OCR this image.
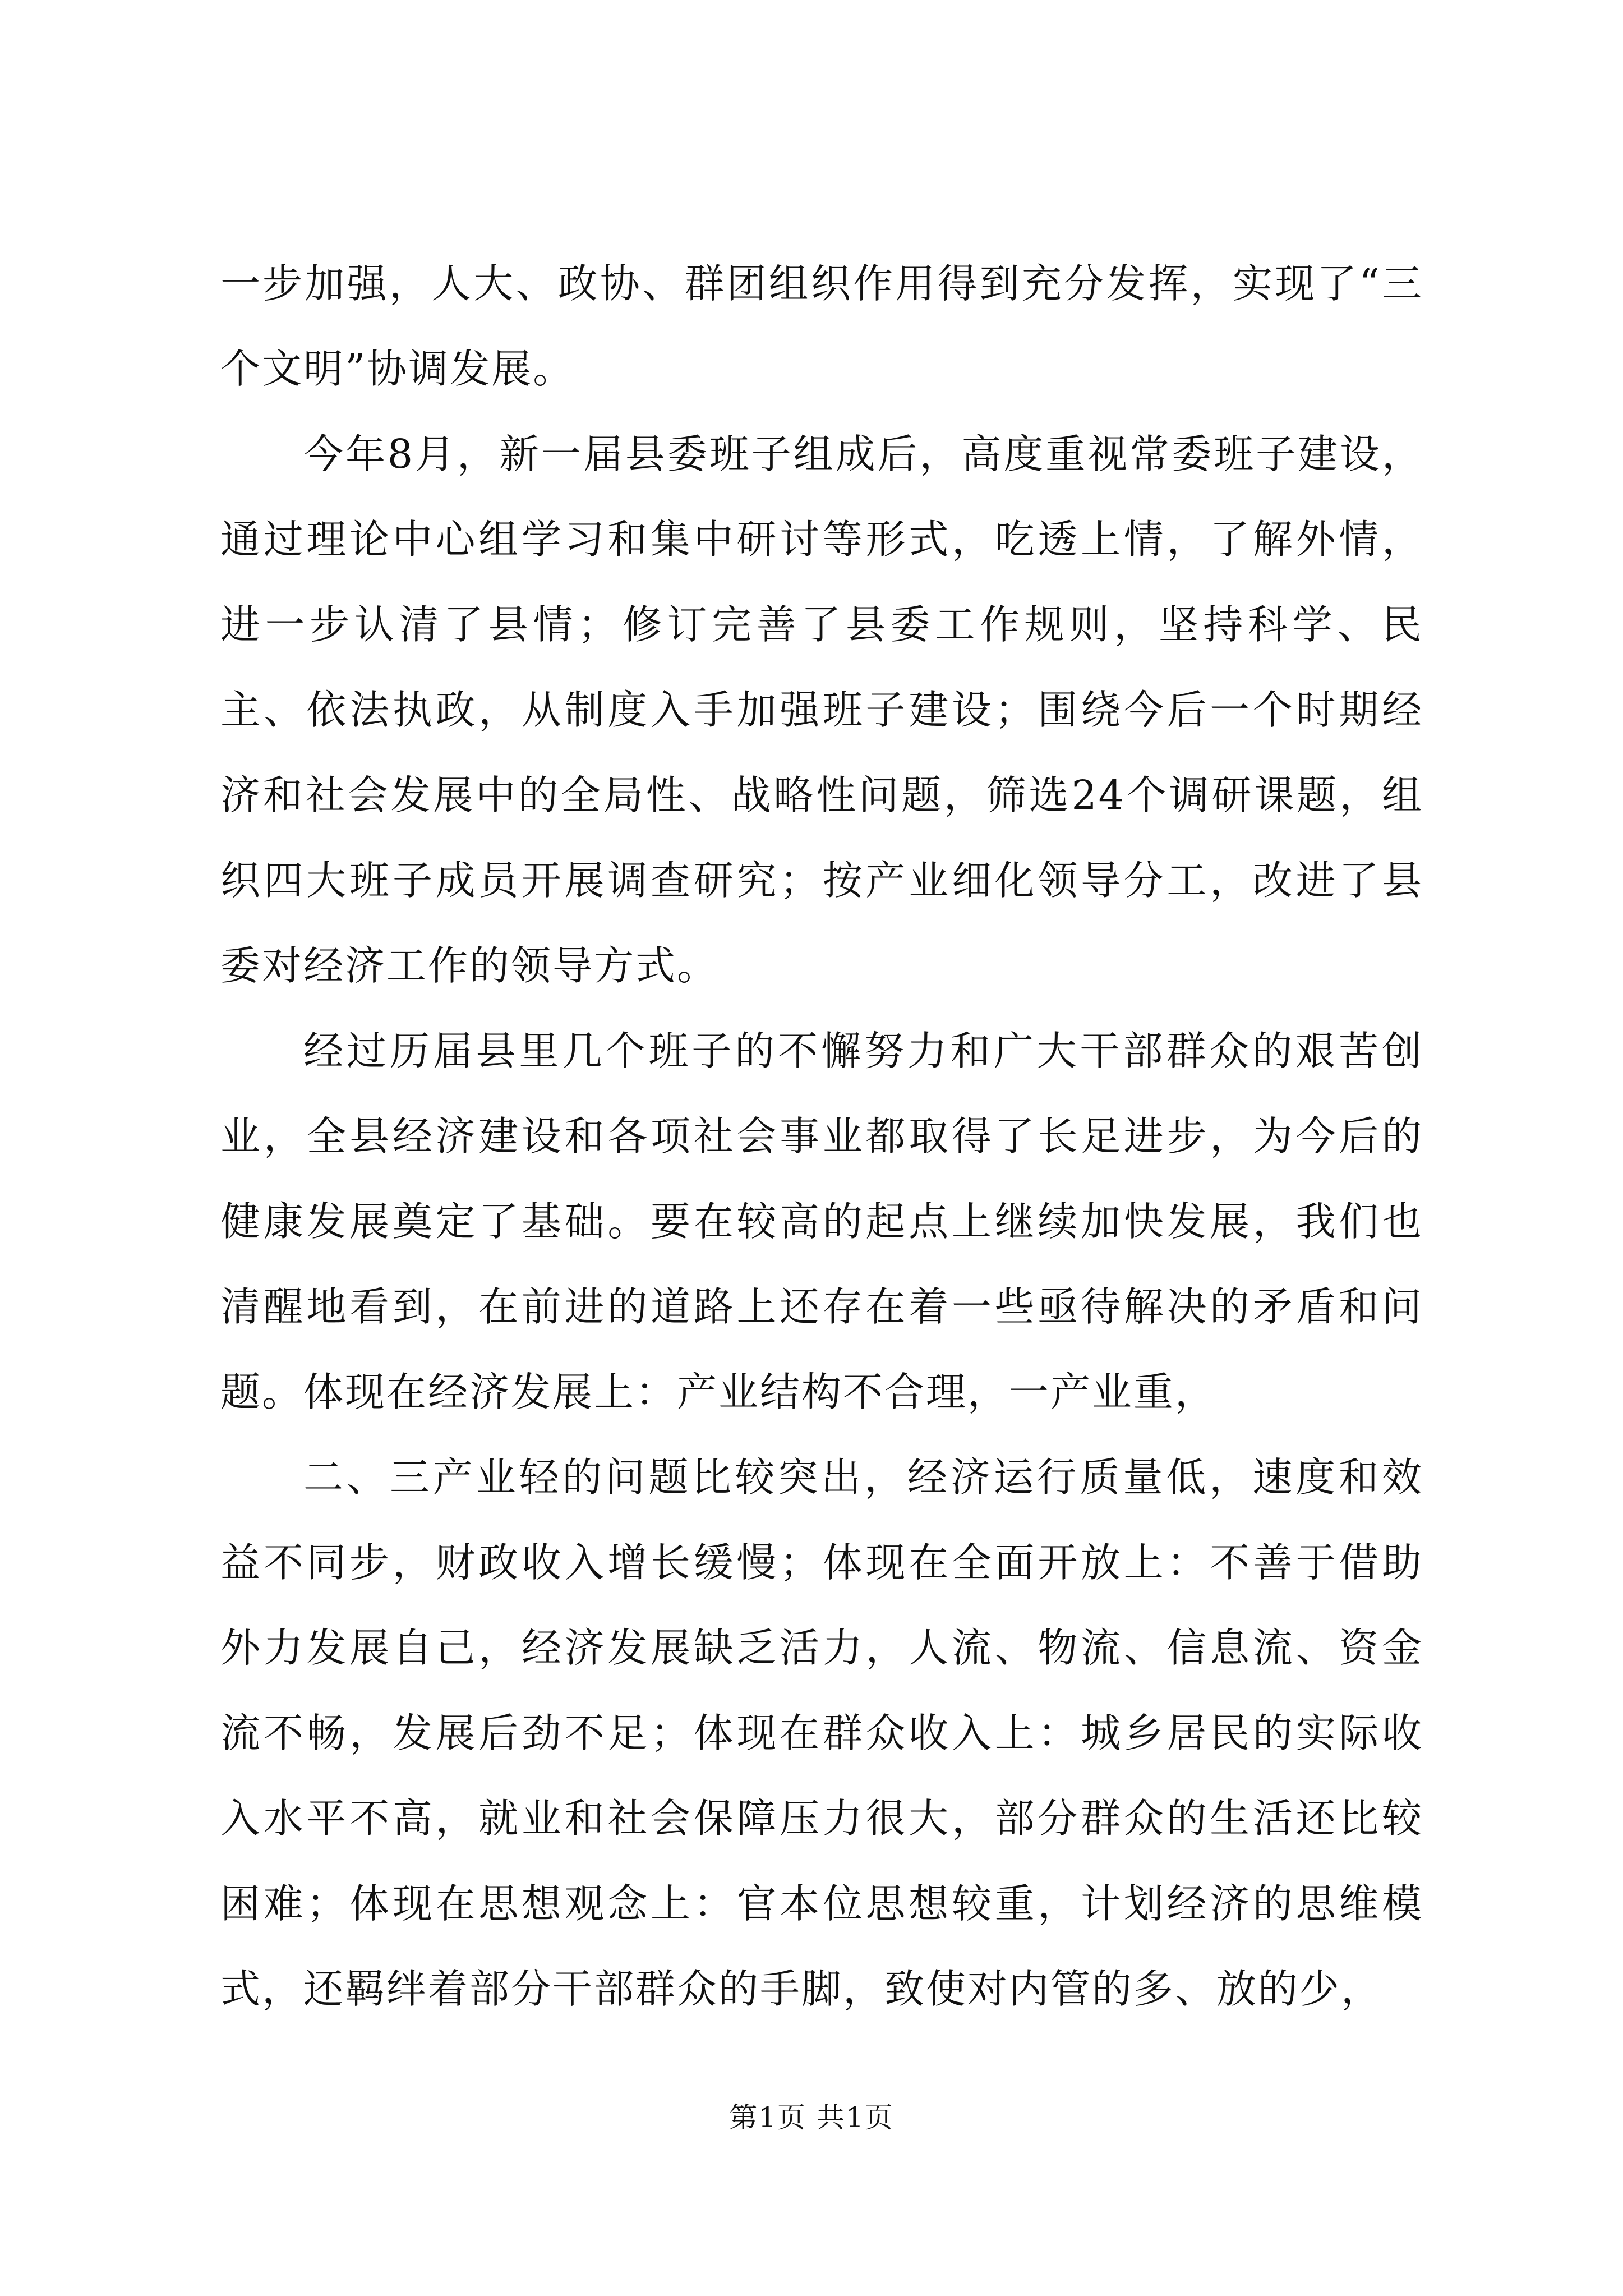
一步加强，人大、政协、群团组织作用得到充分发挥，实现了“三个文明”协调发展。

今年8月，新一届县委班子组成后，高度重视常委班子建设，通过理论中心组学习和集中研讨等形式，吃透上情，了解外情，进一步认清了县情；修订完善了县委工作规则，坚持科学、民主、依法执政，从制度入手加强班子建设；围绕今后一个时期经济和社会发展中的全局性、战略性问题，筛选24个调研课题，组织四大班子成员开展调查研究；按产业细化领导分工，改进了县委对经济工作的领导方式。

经过历届县里几个班子的不懈努力和广大干部群众的艰苦创业，全县经济建设和各项社会事业都取得了长足进步，为今后的健康发展奠定了基础。要在较高的起点上继续加快发展，我们也清醒地看到，在前进的道路上还存在着一些亟待解决的矛盾和问题。体现在经济发展上：产业结构不合理，一产业重，

二、三产业轻的问题比较突出，经济运行质量低，速度和效益不同步，财政收入增长缓慢；体现在全面开放上：不善于借助外力发展自己，经济发展缺乏活力，人流、物流、信息流、资金流不畅，发展后劲不足；体现在群众收入上：城乡居民的实际收入水平不高，就业和社会保障压力很大，部分群众的生活还比较困难；体现在思想观念上：官本位思想较重，计划经济的思维模式，还羁绊着部分干部群众的手脚，致使对内管的多、放的少，

第1页 共1页
